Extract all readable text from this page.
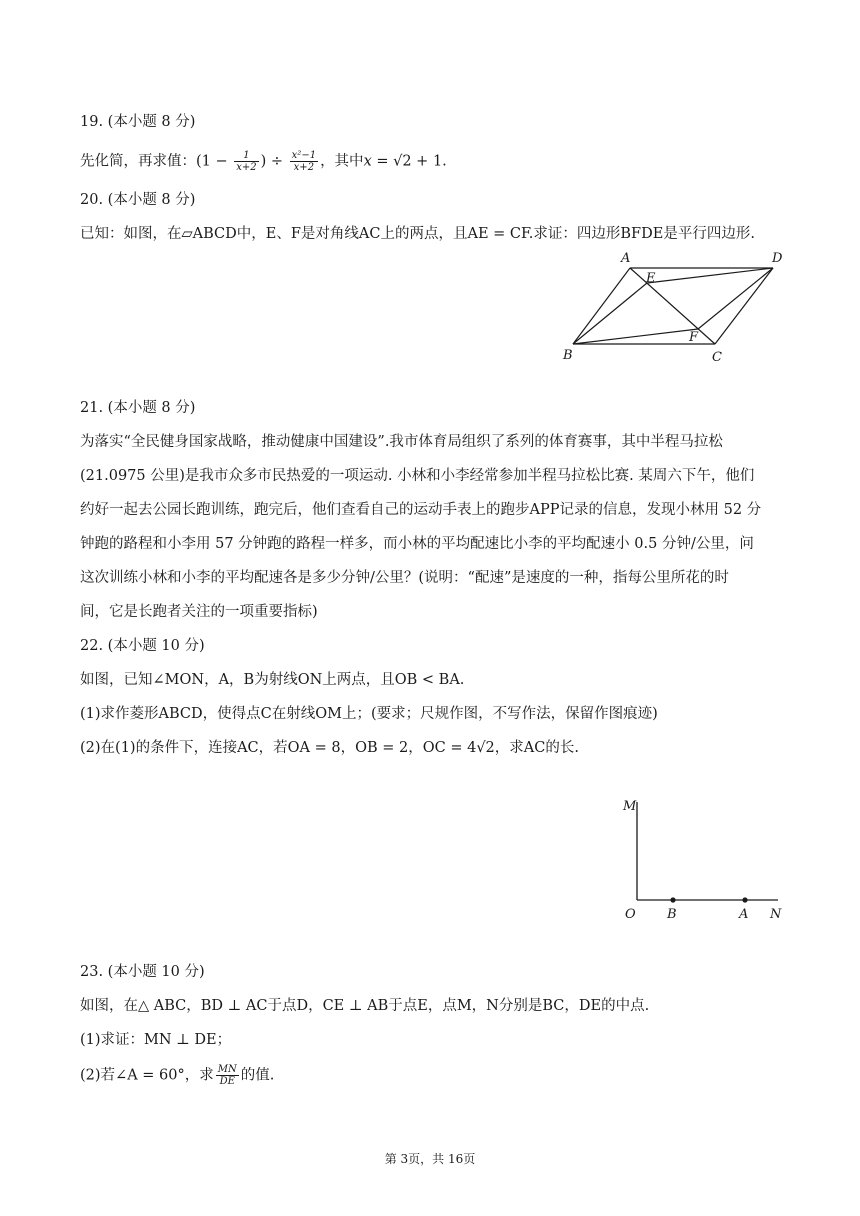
19. (本小题 8 分)
先化简，再求值：($1 - \frac{1}{x+2}$ ) ÷ $\frac{\text{x²−1}}{x+2}$ ，其中x = √2 + 1.
20. (本小题 8 分)
已知：如图，在▱ABCD中，E、F是对角线AC上的两点，且AE = CF.求证：四边形BFDE是平行四边形.
A	D
E
F
B	C
21. (本小题 8 分)
为落实“全民健身国家战略，推动健康中国建设”.我市体育局组织了系列的体育赛事，其中半程马拉松
(21.0975 公里)是我市众多市民热爱的一项运动. 小林和小李经常参加半程马拉松比赛. 某周六下午，他们
约好一起去公园长跑训练，跑完后，他们查看自己的运动手表上的跑步APP记录的信息，发现小林用 52 分
钟跑的路程和小李用 57 分钟跑的路程一样多，而小林的平均配速比小李的平均配速小 0.5 分钟/公里，问
这次训练小林和小李的平均配速各是多少分钟/公里？(说明：“配速”是速度的一种，指每公里所花的时
间，它是长跑者关注的一项重要指标)
22. (本小题 10 分)
如图，已知∠MON，A，B为射线ON上两点，且OB < BA.
(1)求作菱形ABCD，使得点C在射线OM上；(要求；尺规作图，不写作法，保留作图痕迹)
(2)在(1)的条件下，连接AC，若OA = 8，OB = 2，OC = 4√2，求AC的长.
M
O B	A N
23. (本小题 10 分)
如图，在△ ABC，BD ⊥ AC于点D，CE ⊥ AB于点E，点M，N分别是BC，DE的中点.
(1)求证：MN ⊥ DE；
(2)若∠A = 60°，求 $\frac{MN}{DE}$ 的值.
第 3页，共 16页
